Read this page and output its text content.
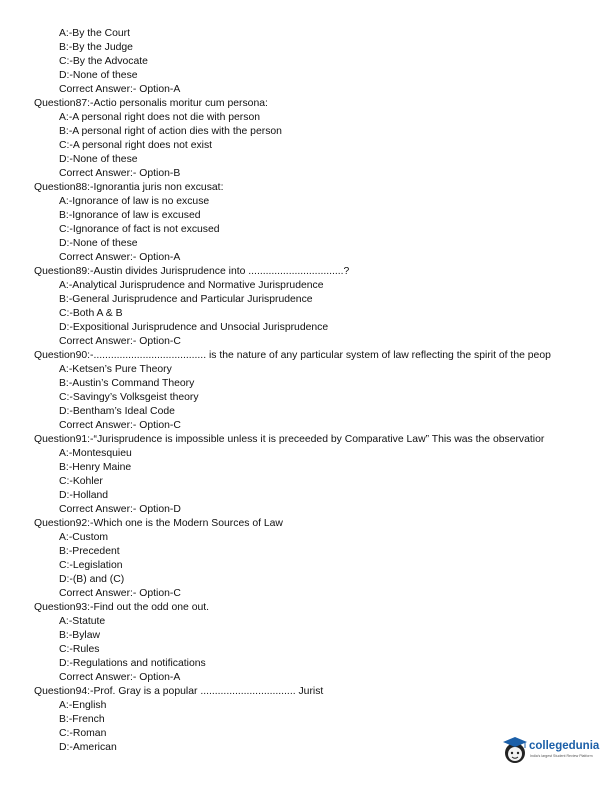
A:-By the Court
B:-By the Judge
C:-By the Advocate
D:-None of these
Correct Answer:- Option-A
Question87:-Actio personalis moritur cum persona:
A:-A personal right does not die with person
B:-A personal right of action dies with the person
C:-A personal right does not exist
D:-None of these
Correct Answer:- Option-B
Question88:-Ignorantia juris non excusat:
A:-Ignorance of law is no excuse
B:-Ignorance of law is excused
C:-Ignorance of fact is not excused
D:-None of these
Correct Answer:- Option-A
Question89:-Austin divides Jurisprudence into .................................?
A:-Analytical Jurisprudence and Normative Jurisprudence
B:-General Jurisprudence and Particular Jurisprudence
C:-Both A & B
D:-Expositional Jurisprudence and Unsocial Jurisprudence
Correct Answer:- Option-C
Question90:-....................................... is the nature of any particular system of law reflecting the spirit of the peop
A:-Ketsen’s Pure Theory
B:-Austin’s Command Theory
C:-Savingy’s Volksgeist theory
D:-Bentham’s Ideal Code
Correct Answer:- Option-C
Question91:-“Jurisprudence is impossible unless it is preceeded by Comparative Law” This was the observatior
A:-Montesquieu
B:-Henry Maine
C:-Kohler
D:-Holland
Correct Answer:- Option-D
Question92:-Which one is the Modern Sources of Law
A:-Custom
B:-Precedent
C:-Legislation
D:-(B) and (C)
Correct Answer:- Option-C
Question93:-Find out the odd one out.
A:-Statute
B:-Bylaw
C:-Rules
D:-Regulations and notifications
Correct Answer:- Option-A
Question94:-Prof. Gray is a popular ................................. Jurist
A:-English
B:-French
C:-Roman
D:-American	collegedunia
India's largest Student Review Platform
